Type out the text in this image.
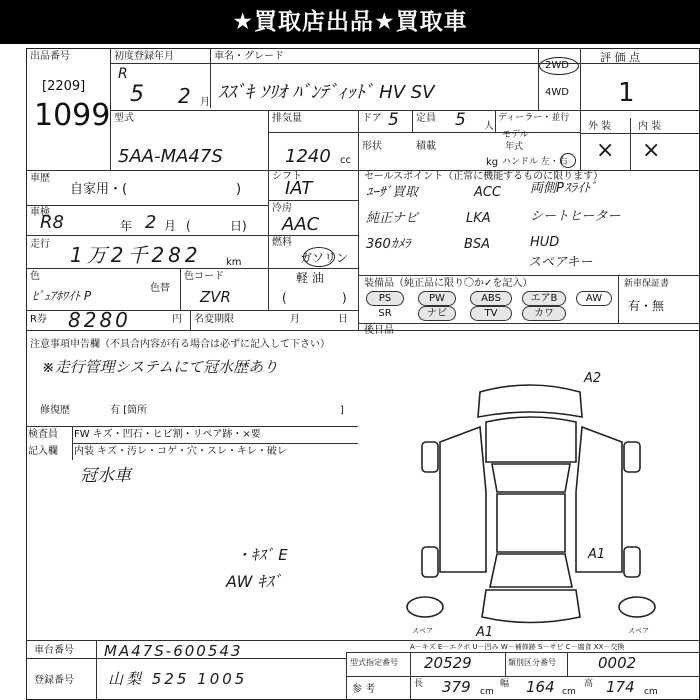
★買取店出品★買取車
出品番号
[2209]
1099
初度登録年月
R
5 2 月
車名・グレード
ｽｽﾞｷ ｿﾘｵ ﾊﾞﾝﾃﾞｨｯﾄﾞ HV SV
2WD
4WD
評 価 点
1
外 装	内 装
× ×
型式
5AA-MA47S
排気量
1240 cc
ドア 5 定員 5 人
ディーラー・並行
モデル
年式
形状	積載
kg ハンドル 左・右
車歴
自家用・(	)
車検
R8	年 2 月 (	日)
走行 1万2千282 km
色
ﾋﾟｭｱﾎﾜｲﾄ P
色替
色コード
ZVR
シフト
IAT
冷房
AAC
燃料
ガソリン
軽 油
(	)
R券 8280	円 名変期限	月	日
セールスポイント（正常に機能するものに限ります）
ﾕｰｻﾞ買取	ACC 両側Pｽﾗｲﾄﾞ
純正ナビ	LKA	シートヒーター
360ｶﾒﾗ	BSA	HUD
スペアキー
装備品（純正品に限り〇か✓を記入）
PS	PW	ABS	エアB	AW
SR	ナビ	TV	カワ
新車保証書
有・無
後日品
注意事項申告欄（不具合内容が有る場合は必ずに記入して下さい）
※走行管理システムにて冠水歴あり
修復歴	有 [箇所	]
検査員
記入欄
FW キズ・凹石・ヒビ割・リペア跡・×要
内装 キズ・汚レ・コゲ・穴・スレ・キレ・破レ
冠水車
・ｷｽﾞ E
AW ｷｽﾞ
A2
A1
A1
スペア	スペア
A－キズ E－エクボ U－凹み W－補修跡 S－サビ C－腐食 XX－交換
車台番号 MA47S-600543
登録番号 山梨 525 1005
型式指定番号 20529	類別区分番号	0002
参 考	長 379 cm
幅 164 cm
高 174 cm
